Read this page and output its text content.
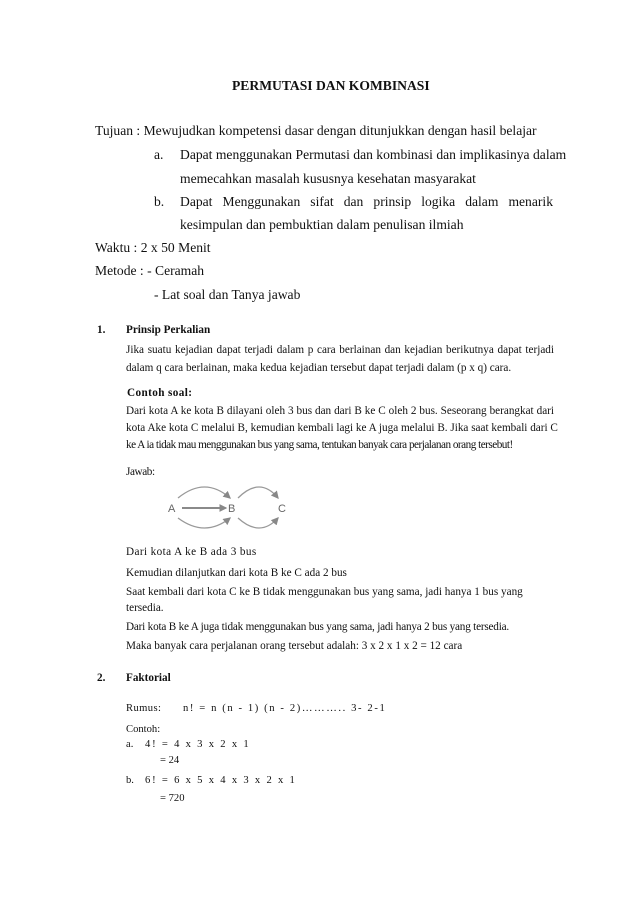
PERMUTASI DAN KOMBINASI
Tujuan : Mewujudkan kompetensi dasar dengan ditunjukkan dengan hasil belajar
a. Dapat menggunakan Permutasi dan kombinasi dan implikasinya dalam
memecahkan masalah kususnya kesehatan masyarakat
b. Dapat Menggunakan sifat dan prinsip logika dalam menarik
kesimpulan dan pembuktian dalam penulisan ilmiah
Waktu : 2 x 50 Menit
Metode : - Ceramah
- Lat soal dan Tanya jawab
1. Prinsip Perkalian
Jika suatu kejadian dapat terjadi dalam p cara berlainan dan kejadian berikutnya dapat terjadi
dalam q cara berlainan, maka kedua kejadian tersebut dapat terjadi dalam (p x q) cara.
Contoh soal:
Dari kota A ke kota B dilayani oleh 3 bus dan dari B ke C oleh 2 bus. Seseorang berangkat dari
kota Ake kota C melalui B, kemudian kembali lagi ke A juga melalui B. Jika saat kembali dari C
ke A ia tidak mau menggunakan bus yang sama, tentukan banyak cara perjalanan orang tersebut!
Jawab:
A	B	C
Dari kota A ke B ada 3 bus
Kemudian dilanjutkan dari kota B ke C ada 2 bus
Saat kembali dari kota C ke B tidak menggunakan bus yang sama, jadi hanya 1 bus yang
tersedia.
Dari kota B ke A juga tidak menggunakan bus yang sama, jadi hanya 2 bus yang tersedia.
Maka banyak cara perjalanan orang tersebut adalah: 3 x 2 x 1 x 2 = 12 cara
2. Faktorial
Rumus: n! = n (n - 1) (n - 2)……….. 3- 2-1
Contoh:
a. 4! = 4 x 3 x 2 x 1
= 24
b. 6! = 6 x 5 x 4 x 3 x 2 x 1
= 720
